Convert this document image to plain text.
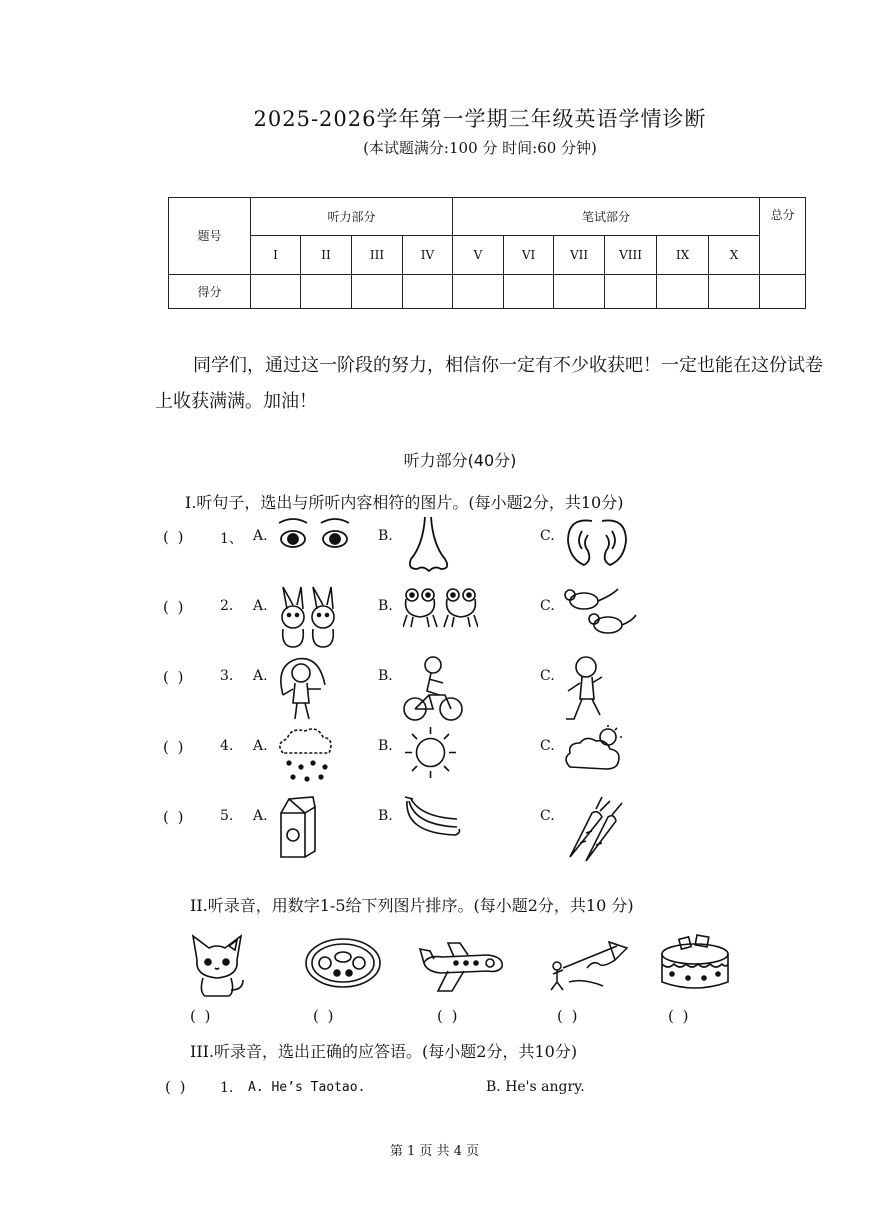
2025-2026学年第一学期三年级英语学情诊断
(本试题满分:100 分 时间:60 分钟)
题号	听力部分				笔试部分						总分
	I	II	III	IV	V	VI	VII	VIII	IX	X	
得分											
同学们，通过这一阶段的努力，相信你一定有不少收获吧！一定也能在这份试卷上收获满满。加油！
听力部分(40分)
I.听句子，选出与所听内容相符的图片。(每小题2分，共10分)
( ) 1、 A.	B.	C.
( ) 2. A.	B.	C.
( ) 3. A.	B.	C.
( ) 4. A.	B.	C.
( ) 5. A.	B.	C.
II.听录音，用数字1-5给下列图片排序。(每小题2分，共10 分)
( )	( )	( )	( )	( )
III.听录音，选出正确的应答语。(每小题2分，共10分)
( ) 1. A. He’s Taotao.	B. He's angry.
第 1 页 共 4 页
